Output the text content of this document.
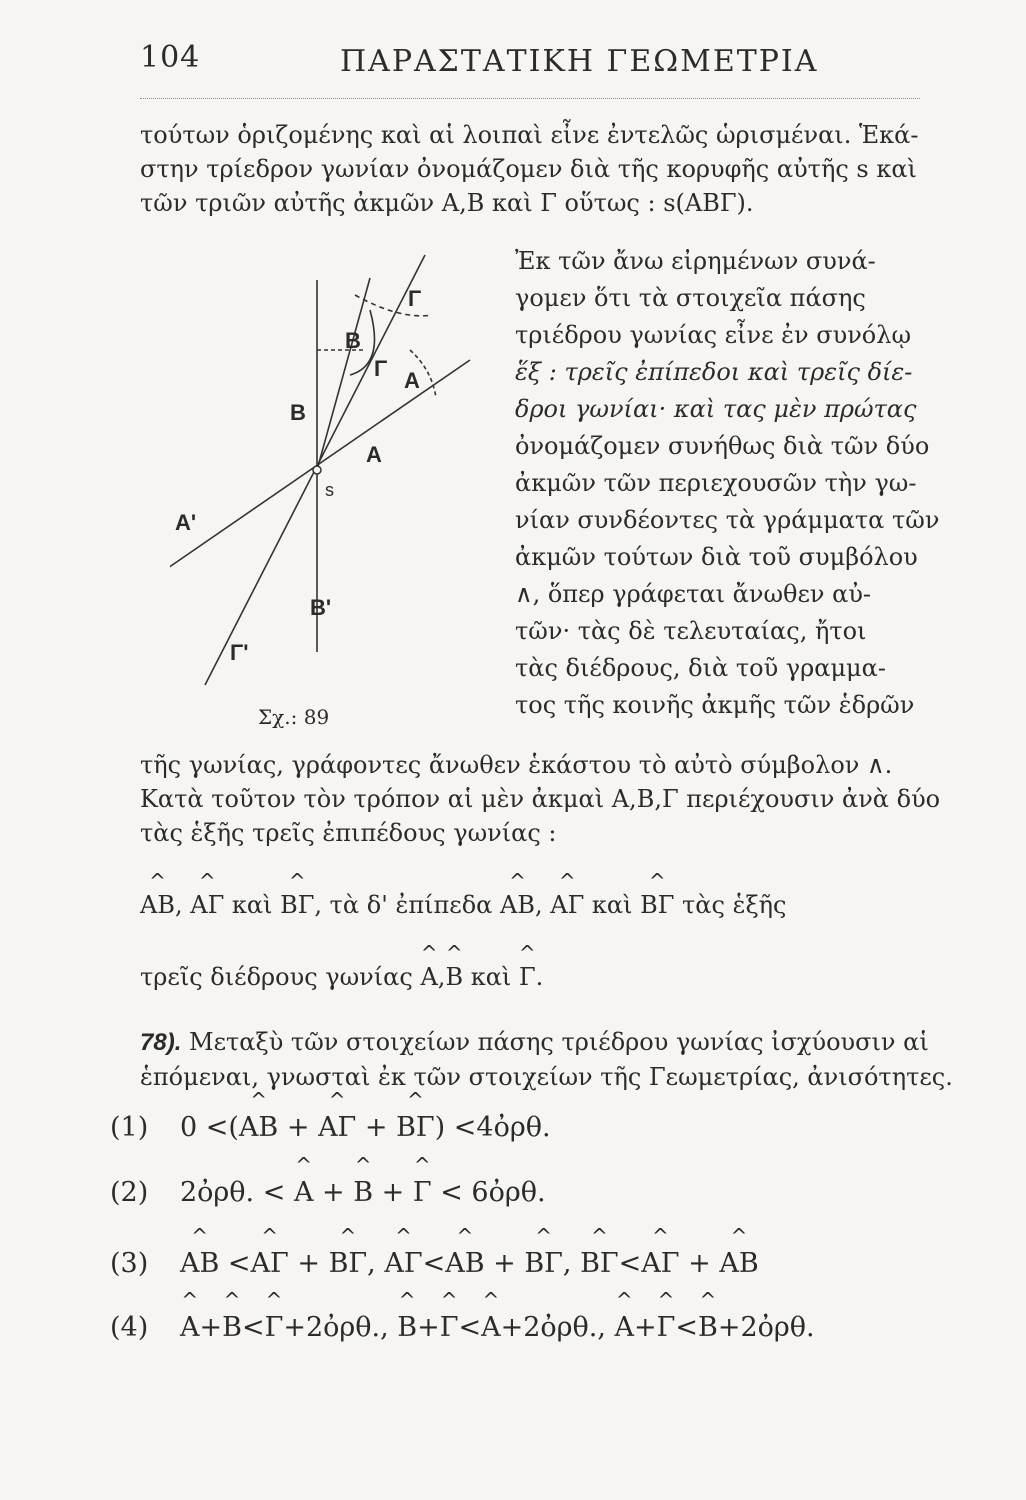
104	ΠΑΡΑΣΤΑΤΙΚΗ ΓΕΩΜΕΤΡΙΑ
τούτων ὁριζομένης καὶ αἱ λοιπαὶ εἶνε ἐντελῶς ὡρισμέναι. Ἑκά-
στην τρίεδρον γωνίαν ὀνομάζομεν διὰ τῆς κορυφῆς αὐτῆς s καὶ
τῶν τριῶν αὐτῆς ἀκμῶν Α,Β καὶ Γ οὕτως : s(ΑΒΓ).
Ἐκ τῶν ἄνω εἰρημένων συνά-
γομεν ὅτι τὰ στοιχεῖα πάσης
τριέδρου γωνίας εἶνε ἐν συνόλῳ
ἕξ : τρεῖς ἐπίπεδοι καὶ τρεῖς δίε-
δροι γωνίαι· καὶ τας μὲν πρώτας
ὀνομάζομεν συνήθως διὰ τῶν δύο
ἀκμῶν τῶν περιεχουσῶν τὴν γω-
νίαν συνδέοντες τὰ γράμματα τῶν
ἀκμῶν τούτων διὰ τοῦ συμβόλου
∧, ὅπερ γράφεται ἄνωθεν αὐ-
τῶν· τὰς δὲ τελευταίας, ἤτοι
τὰς διέδρους, διὰ τοῦ γραμμα-
τος τῆς κοινῆς ἀκμῆς τῶν ἑδρῶν
Γ
B
Γ A
B
A
s
A'
B'
Γ'
Σχ.: 89
τῆς γωνίας, γράφοντες ἄνωθεν ἑκάστου τὸ αὐτὸ σύμβολον ∧.
Κατὰ τοῦτον τὸν τρόπον αἱ μὲν ἀκμαὶ Α,Β,Γ περιέχουσιν ἀνὰ δύο
τὰς ἑξῆς τρεῖς ἐπιπέδους γωνίας :
^ ΑΒ, ^ ΑΓ καὶ ^ ΒΓ, τὰ δ' ἐπίπεδα ^ ΑΒ, ^ ΑΓ καὶ ^ ΒΓ τὰς ἑξῆς
τρεῖς διέδρους γωνίας ^ Α,^ Β καὶ ^ Γ.
78). Μεταξὺ τῶν στοιχείων πάσης τριέδρου γωνίας ἰσχύουσιν αἱ
ἑπόμεναι, γνωσταὶ ἐκ τῶν στοιχείων τῆς Γεωμετρίας, ἀνισότητες.
(1) 0 <(^ ΑΒ + ^ ΑΓ + ^ ΒΓ) <4ὀρθ.
(2) 2ὀρθ. < ^ Α + ^ Β + ^ Γ < 6ὀρθ.
(3) ^ ΑΒ <^ ΑΓ + ^ ΒΓ, ^ ΑΓ<^ ΑΒ + ^ ΒΓ, ^ ΒΓ<^ ΑΓ + ^ ΑΒ
(4) ^ Α+^ Β<^ Γ+2ὀρθ., ^ Β+^ Γ<^ Α+2ὀρθ., ^ Α+^ Γ<^ Β+2ὀρθ.
